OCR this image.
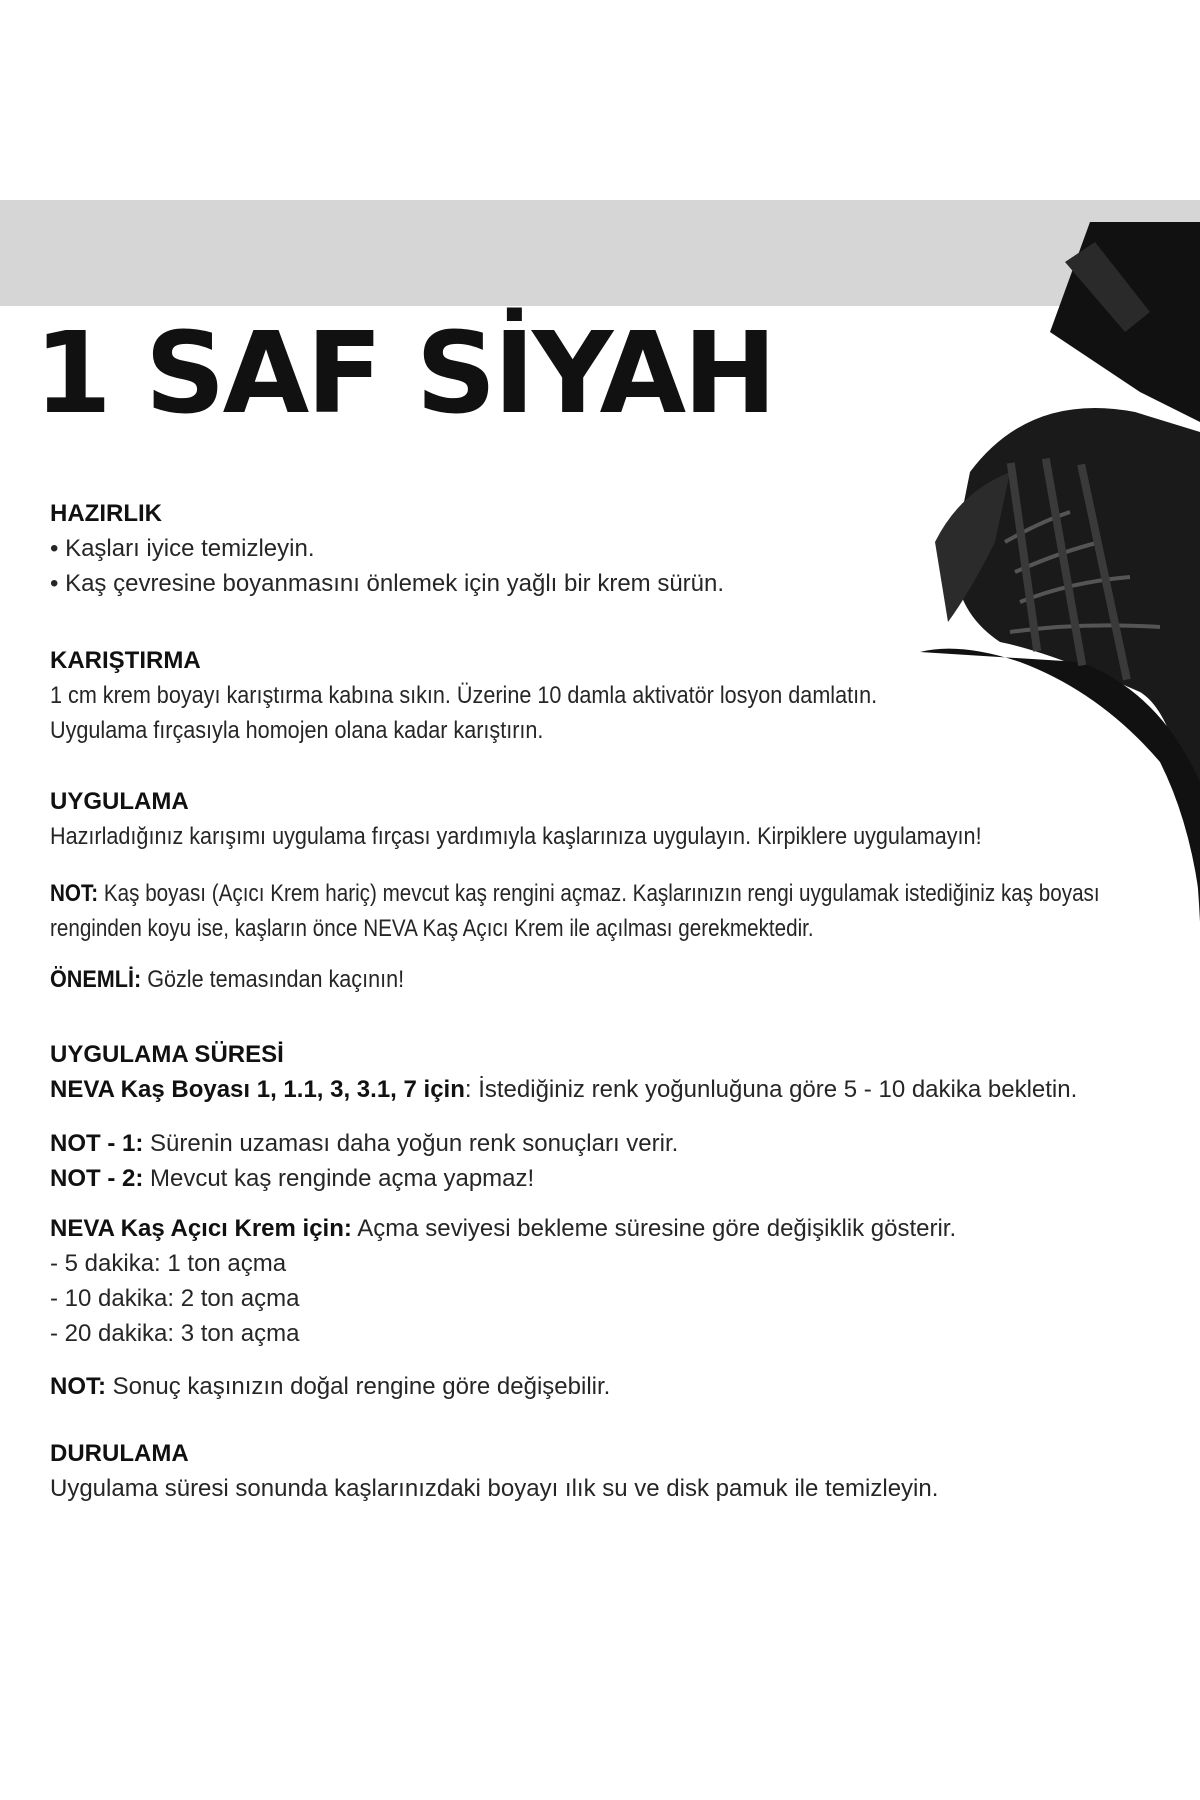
1 SAF SİYAH

HAZIRLIK

• Kaşları iyice temizleyin.

• Kaş çevresine boyanmasını önlemek için yağlı bir krem sürün.

KARIŞTIRMA

1 cm krem boyayı karıştırma kabına sıkın. Üzerine 10 damla aktivatör losyon damlatın.

Uygulama fırçasıyla homojen olana kadar karıştırın.

UYGULAMA

Hazırladığınız karışımı uygulama fırçası yardımıyla kaşlarınıza uygulayın. Kirpiklere uygulamayın!

NOT: Kaş boyası (Açıcı Krem hariç) mevcut kaş rengini açmaz. Kaşlarınızın rengi uygulamak istediğiniz kaş boyası

renginden koyu ise, kaşların önce NEVA Kaş Açıcı Krem ile açılması gerekmektedir.

ÖNEMLİ: Gözle temasından kaçının!

UYGULAMA SÜRESİ

NEVA Kaş Boyası 1, 1.1, 3, 3.1, 7 için: İstediğiniz renk yoğunluğuna göre 5 - 10 dakika bekletin.

NOT - 1: Sürenin uzaması daha yoğun renk sonuçları verir.

NOT - 2: Mevcut kaş renginde açma yapmaz!

NEVA Kaş Açıcı Krem için: Açma seviyesi bekleme süresine göre değişiklik gösterir.

- 5 dakika: 1 ton açma

- 10 dakika: 2 ton açma

- 20 dakika: 3 ton açma

NOT: Sonuç kaşınızın doğal rengine göre değişebilir.

DURULAMA

Uygulama süresi sonunda kaşlarınızdaki boyayı ılık su ve disk pamuk ile temizleyin.
